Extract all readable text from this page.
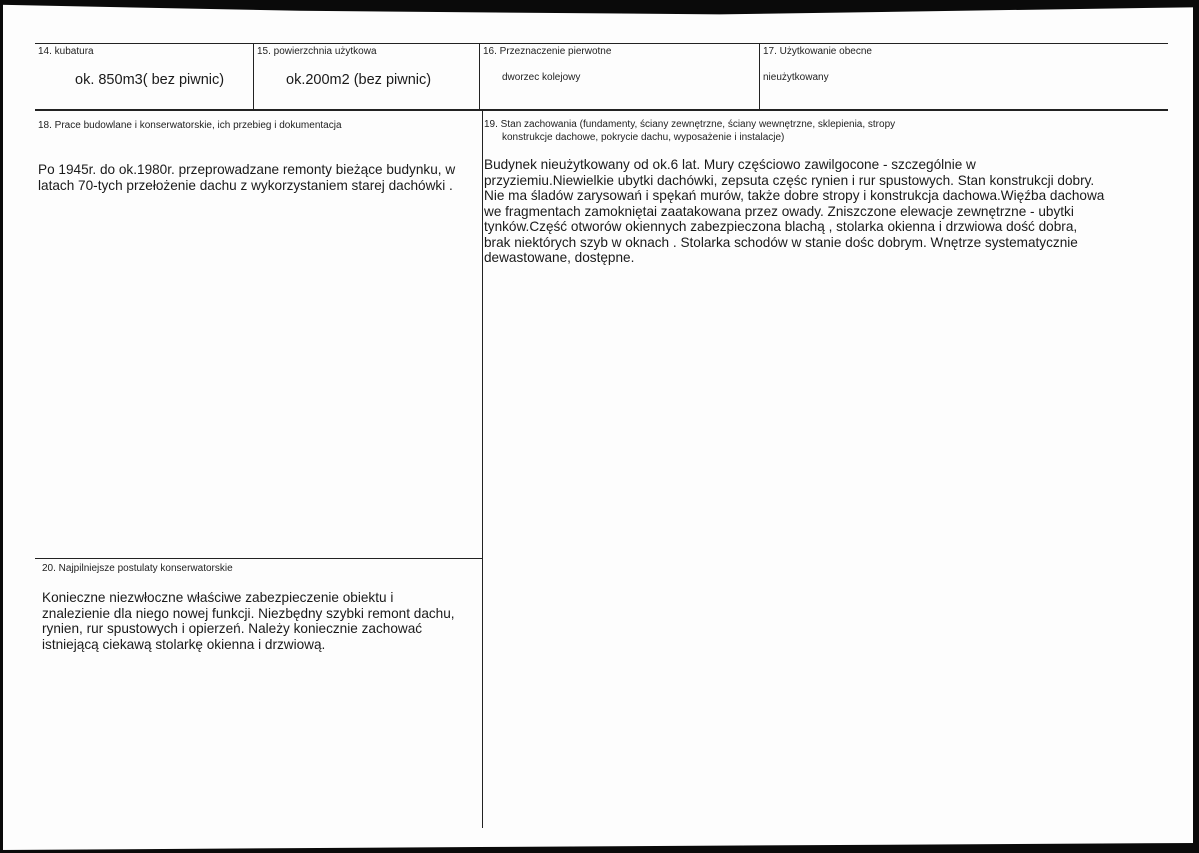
14. kubatura
ok. 850m3( bez piwnic)
15. powierzchnia użytkowa
ok.200m2 (bez piwnic)
16. Przeznaczenie pierwotne
dworzec kolejowy
17. Użytkowanie obecne
nieużytkowany
18. Prace budowlane i konserwatorskie, ich przebieg i dokumentacja
Po 1945r. do ok.1980r. przeprowadzane remonty bieżące budynku, w
latach 70-tych przełożenie dachu z wykorzystaniem starej dachówki .
19. Stan zachowania (fundamenty, ściany zewnętrzne, ściany wewnętrzne, sklepienia, stropy
konstrukcje dachowe, pokrycie dachu, wyposażenie i instalacje)
Budynek nieużytkowany od ok.6 lat. Mury częściowo zawilgocone - szczególnie w
przyziemiu.Niewielkie ubytki dachówki, zepsuta częśc rynien i rur spustowych. Stan konstrukcji dobry.
Nie ma śladów zarysowań i spękań murów, także dobre stropy i konstrukcja dachowa.Więźba dachowa
we fragmentach zamokniętai zaatakowana przez owady. Zniszczone elewacje zewnętrzne - ubytki
tynków.Część otworów okiennych zabezpieczona blachą , stolarka okienna i drzwiowa dość dobra,
brak niektórych szyb w oknach . Stolarka schodów w stanie dośc dobrym. Wnętrze systematycznie
dewastowane, dostępne.
20. Najpilniejsze postulaty konserwatorskie
Konieczne niezwłoczne właściwe zabezpieczenie obiektu i
znalezienie dla niego nowej funkcji. Niezbędny szybki remont dachu,
rynien, rur spustowych i opierzeń. Należy koniecznie zachować
istniejącą ciekawą stolarkę okienna i drzwiową.
